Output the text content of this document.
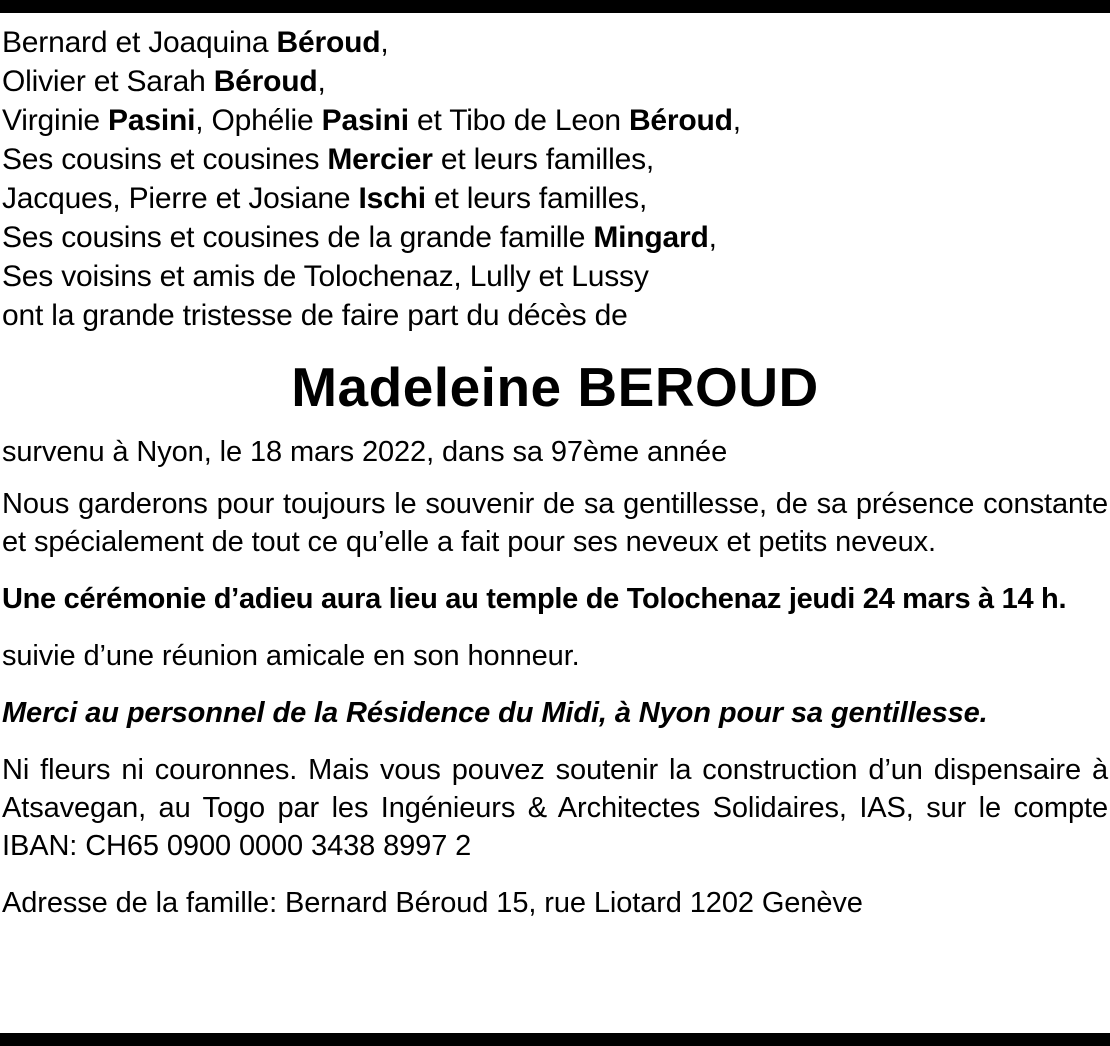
Bernard et Joaquina Béroud,
Olivier et Sarah Béroud,
Virginie Pasini, Ophélie Pasini et Tibo de Leon Béroud,
Ses cousins et cousines Mercier et leurs familles,
Jacques, Pierre et Josiane Ischi et leurs familles,
Ses cousins et cousines de la grande famille Mingard,
Ses voisins et amis de Tolochenaz, Lully et Lussy
ont la grande tristesse de faire part du décès de
Madeleine BEROUD

survenu à Nyon, le 18 mars 2022, dans sa 97ème année

Nous garderons pour toujours le souvenir de sa gentillesse, de sa présence constante et spécialement de tout ce qu’elle a fait pour ses neveux et petits neveux.

Une cérémonie d’adieu aura lieu au temple de Tolochenaz jeudi 24 mars à 14 h.

suivie d’une réunion amicale en son honneur.

Merci au personnel de la Résidence du Midi, à Nyon pour sa gentillesse.

Ni fleurs ni couronnes. Mais vous pouvez soutenir la construction d’un dispensaire à Atsavegan, au Togo par les Ingénieurs & Architectes Solidaires, IAS, sur le compte IBAN: CH65 0900 0000 3438 8997 2

Adresse de la famille: Bernard Béroud 15, rue Liotard 1202 Genève
